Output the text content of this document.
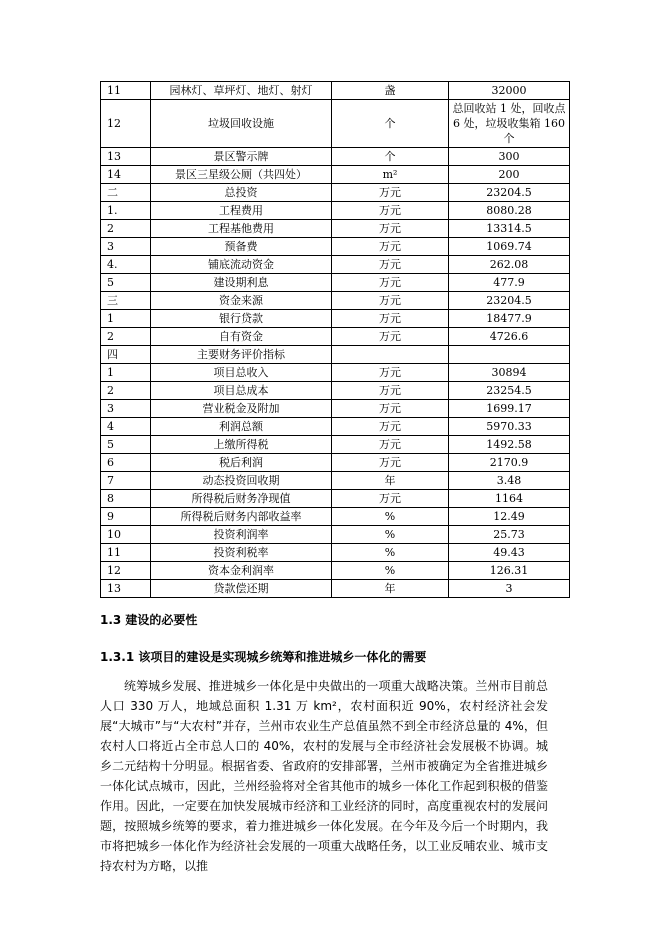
11	园林灯、草坪灯、地灯、射灯	盏	32000
12	垃圾回收设施	个	总回收站 1 处，回收点 6 处，垃圾收集箱 160 个
13	景区警示牌	个	300
14	景区三星级公厕（共四处）	m²	200
二	总投资	万元	23204.5
1.	工程费用	万元	8080.28
2	工程基他费用	万元	13314.5
3	预备费	万元	1069.74
4.	铺底流动资金	万元	262.08
5	建设期利息	万元	477.9
三	资金来源	万元	23204.5
1	银行贷款	万元	18477.9
2	自有资金	万元	4726.6
四	主要财务评价指标		
1	项目总收入	万元	30894
2	项目总成本	万元	23254.5
3	营业税金及附加	万元	1699.17
4	利润总额	万元	5970.33
5	上缴所得税	万元	1492.58
6	税后利润	万元	2170.9
7	动态投资回收期	年	3.48
8	所得税后财务净现值	万元	1164
9	所得税后财务内部收益率	%	12.49
10	投资利润率	%	25.73
11	投资利税率	%	49.43
12	资本金利润率	%	126.31
13	贷款偿还期	年	3
1.3 建设的必要性
1.3.1 该项目的建设是实现城乡统筹和推进城乡一体化的需要
统筹城乡发展、推进城乡一体化是中央做出的一项重大战略决策。兰州市目前总人口 330 万人，地域总面积 1.31 万 km²，农村面积近 90%，农村经济社会发展“大城市”与“大农村”并存，兰州市农业生产总值虽然不到全市经济总量的 4%，但农村人口将近占全市总人口的 40%，农村的发展与全市经济社会发展极不协调。城乡二元结构十分明显。根据省委、省政府的安排部署，兰州市被确定为全省推进城乡一体化试点城市，因此，兰州经验将对全省其他市的城乡一体化工作起到积极的借鉴作用。因此，一定要在加快发展城市经济和工业经济的同时，高度重视农村的发展问题，按照城乡统筹的要求，着力推进城乡一体化发展。在今年及今后一个时期内，我市将把城乡一体化作为经济社会发展的一项重大战略任务，以工业反哺农业、城市支持农村为方略，以推
